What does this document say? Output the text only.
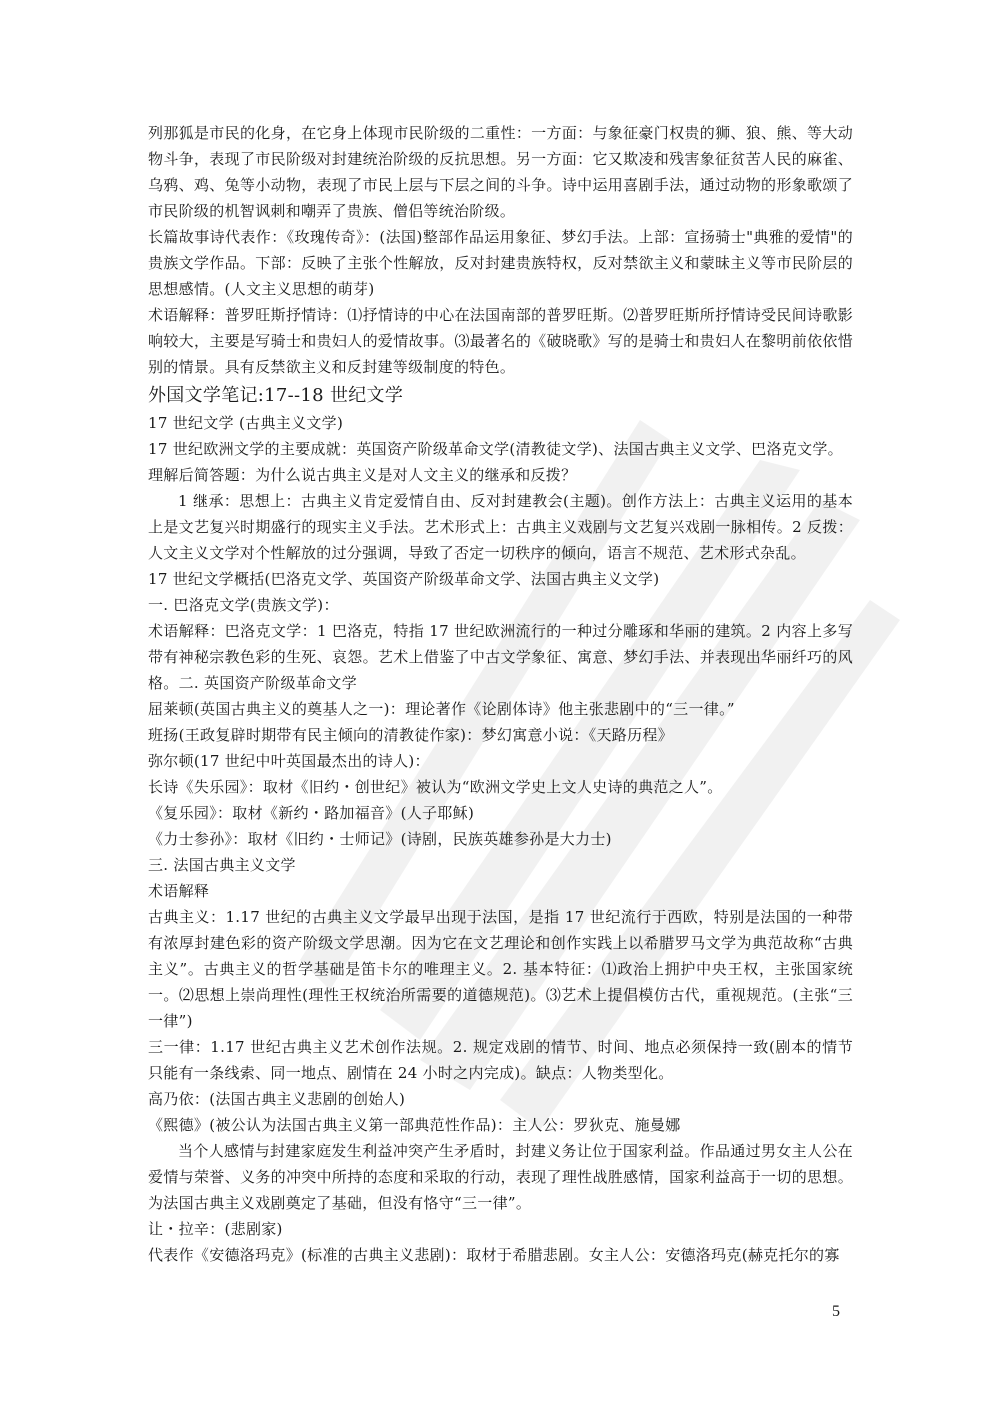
列那狐是市民的化身，在它身上体现市民阶级的二重性：一方面：与象征豪门权贵的狮、狼、熊、等大动物斗争，表现了市民阶级对封建统治阶级的反抗思想。另一方面：它又欺凌和残害象征贫苦人民的麻雀、乌鸦、鸡、兔等小动物，表现了市民上层与下层之间的斗争。诗中运用喜剧手法，通过动物的形象歌颂了市民阶级的机智讽刺和嘲弄了贵族、僧侣等统治阶级。

长篇故事诗代表作：《玫瑰传奇》：(法国)整部作品运用象征、梦幻手法。上部：宣扬骑士"典雅的爱情"的贵族文学作品。下部：反映了主张个性解放，反对封建贵族特权，反对禁欲主义和蒙昧主义等市民阶层的思想感情。(人文主义思想的萌芽)

术语解释：普罗旺斯抒情诗：⑴抒情诗的中心在法国南部的普罗旺斯。⑵普罗旺斯所抒情诗受民间诗歌影响较大，主要是写骑士和贵妇人的爱情故事。⑶最著名的《破晓歌》写的是骑士和贵妇人在黎明前依依惜别的情景。具有反禁欲主义和反封建等级制度的特色。

外国文学笔记:17--18 世纪文学

17 世纪文学 (古典主义文学)

17 世纪欧洲文学的主要成就：英国资产阶级革命文学(清教徒文学)、法国古典主义文学、巴洛克文学。

理解后简答题：为什么说古典主义是对人文主义的继承和反拨？

1 继承：思想上：古典主义肯定爱情自由、反对封建教会(主题)。创作方法上：古典主义运用的基本上是文艺复兴时期盛行的现实主义手法。艺术形式上：古典主义戏剧与文艺复兴戏剧一脉相传。2 反拨：人文主义文学对个性解放的过分强调，导致了否定一切秩序的倾向，语言不规范、艺术形式杂乱。

17 世纪文学概括(巴洛克文学、英国资产阶级革命文学、法国古典主义文学)

一. 巴洛克文学(贵族文学)：

术语解释：巴洛克文学：1 巴洛克，特指 17 世纪欧洲流行的一种过分雕琢和华丽的建筑。2 内容上多写带有神秘宗教色彩的生死、哀怨。艺术上借鉴了中古文学象征、寓意、梦幻手法、并表现出华丽纤巧的风格。二. 英国资产阶级革命文学

屈莱顿(英国古典主义的奠基人之一)：理论著作《论剧体诗》他主张悲剧中的“三一律。”

班扬(王政复辟时期带有民主倾向的清教徒作家)：梦幻寓意小说：《天路历程》

弥尔顿(17 世纪中叶英国最杰出的诗人)：

长诗《失乐园》：取材《旧约・创世纪》被认为“欧洲文学史上文人史诗的典范之人”。

《复乐园》：取材《新约・路加福音》(人子耶稣)

《力士参孙》：取材《旧约・士师记》(诗剧，民族英雄参孙是大力士)

三. 法国古典主义文学

术语解释

古典主义：1.17 世纪的古典主义文学最早出现于法国，是指 17 世纪流行于西欧，特别是法国的一种带有浓厚封建色彩的资产阶级文学思潮。因为它在文艺理论和创作实践上以希腊罗马文学为典范故称“古典主义”。古典主义的哲学基础是笛卡尔的唯理主义。2. 基本特征：⑴政治上拥护中央王权，主张国家统一。⑵思想上崇尚理性(理性王权统治所需要的道德规范)。⑶艺术上提倡模仿古代，重视规范。(主张“三一律”)

三一律：1.17 世纪古典主义艺术创作法规。2. 规定戏剧的情节、时间、地点必须保持一致(剧本的情节只能有一条线索、同一地点、剧情在 24 小时之内完成)。缺点：人物类型化。

高乃依：(法国古典主义悲剧的创始人)

《熙德》(被公认为法国古典主义第一部典范性作品)：主人公：罗狄克、施曼娜

当个人感情与封建家庭发生利益冲突产生矛盾时，封建义务让位于国家利益。作品通过男女主人公在爱情与荣誉、义务的冲突中所持的态度和采取的行动，表现了理性战胜感情，国家利益高于一切的思想。为法国古典主义戏剧奠定了基础，但没有恪守“三一律”。

让・拉辛：(悲剧家)

代表作《安德洛玛克》(标准的古典主义悲剧)：取材于希腊悲剧。女主人公：安德洛玛克(赫克托尔的寡

5
